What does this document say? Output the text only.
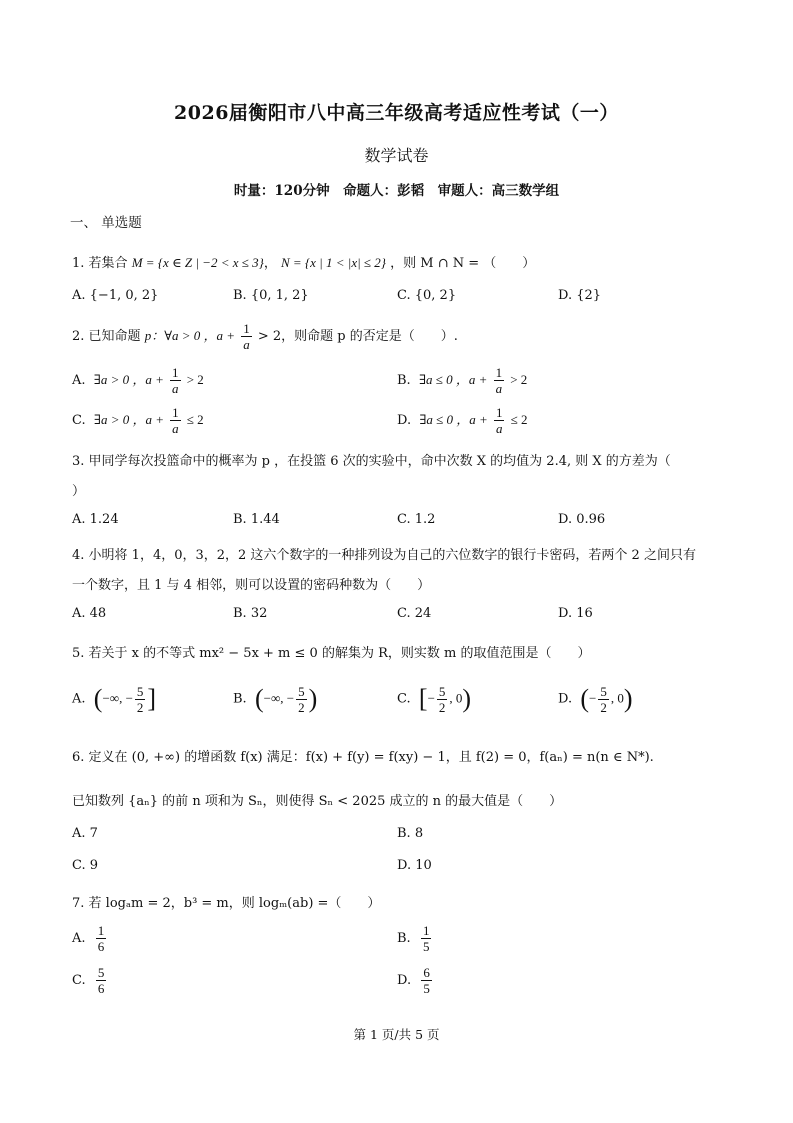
2026届衡阳市八中高三年级高考适应性考试（一）
数学试卷
时量：120分钟　命题人：彭韬　审题人：高三数学组
一、 单选题
1. 若集合 M = {x ∈ Z | −2 < x ≤ 3}， N = {x | 1 < |x| ≤ 2} ，则 M ∩ N = （　　）
A. {−1, 0, 2}	B. {0, 1, 2}	C. {0, 2}	D. {2}
2. 已知命题 p：∀a > 0 ，$a + \frac{1}{a} > 2$，则命题 p 的否定是（　　）.
A. ∃a > 0 ，$a + \frac{1}{a} > 2$	B. ∃a ≤ 0 ，$a + \frac{1}{a} > 2$
C. ∃a > 0 ，$a + \frac{1}{a} \le 2$	D. ∃a ≤ 0 ，$a + \frac{1}{a} \le 2$
3. 甲同学每次投篮命中的概率为 p ，在投篮 6 次的实验中，命中次数 X 的均值为 2.4, 则 X 的方差为（
）
A. 1.24	B. 1.44	C. 1.2	D. 0.96
4. 小明将 1，4，0，3，2，2 这六个数字的一种排列设为自己的六位数字的银行卡密码，若两个 2 之间只有
一个数字，且 1 与 4 相邻，则可以设置的密码种数为（　　）
A. 48	B. 32	C. 24	D. 16
5. 若关于 x 的不等式 mx² − 5x + m ≤ 0 的解集为 R，则实数 m 的取值范围是（　　）
A. (−∞, − $\frac{5}{2}$ ]	B. (−∞, − $\frac{5}{2}$ )	C. [− $\frac{5}{2}$ , 0)	D. (− $\frac{5}{2}$ , 0)
6. 定义在 (0, +∞) 的增函数 f(x) 满足：f(x) + f(y) = f(xy) − 1，且 f(2) = 0，f(aₙ) = n(n ∈ N*).
已知数列 {aₙ} 的前 n 项和为 Sₙ，则使得 Sₙ < 2025 成立的 n 的最大值是（　　）
A. 7	B. 8
C. 9	D. 10
7. 若 logₐm = 2，b³ = m，则 logₘ(ab) =（　　）
A. $\frac{1}{6}$	B. $\frac{1}{5}$
C. $\frac{5}{6}$	D. $\frac{6}{5}$
第 1 页/共 5 页
